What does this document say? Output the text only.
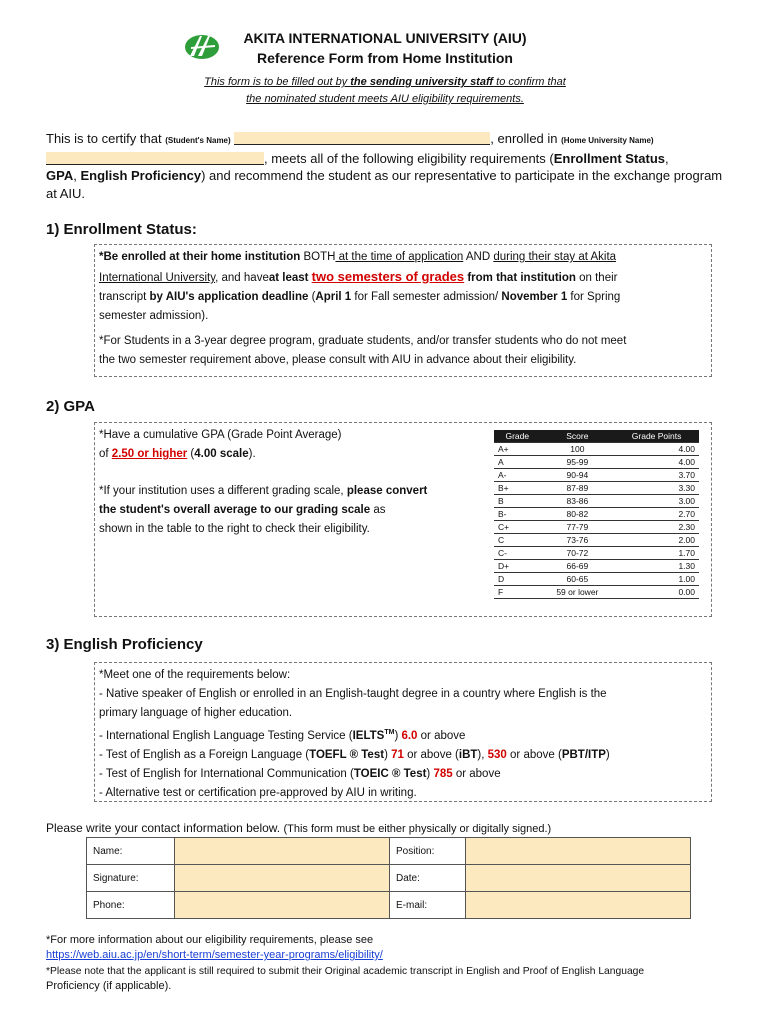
AKITA INTERNATIONAL UNIVERSITY (AIU)
Reference Form from Home Institution
This form is to be filled out by the sending university staff to confirm that
the nominated student meets AIU eligibility requirements.
This is to certify that (Student's Name)	, enrolled in (Home University Name)
, meets all of the following eligibility requirements (Enrollment Status,
GPA, English Proficiency) and recommend the student as our representative to participate in the exchange program at AIU.
1) Enrollment Status:
*Be enrolled at their home institution BOTH at the time of application AND during their stay at Akita
International University, and haveat least two semesters of grades from that institution on their
transcript by AIU's application deadline (April 1 for Fall semester admission/ November 1 for Spring
semester admission).
*For Students in a 3-year degree program, graduate students, and/or transfer students who do not meet
the two semester requirement above, please consult with AIU in advance about their eligibility.
2) GPA
*Have a cumulative GPA (Grade Point Average)
of 2.50 or higher (4.00 scale).
*If your institution uses a different grading scale, please convert
the student's overall average to our grading scale as
shown in the table to the right to check their eligibility.
Grade	Score	Grade Points
A+	100	4.00
A	95-99	4.00
A-	90-94	3.70
B+	87-89	3.30
B	83-86	3.00
B-	80-82	2.70
C+	77-79	2.30
C	73-76	2.00
C-	70-72	1.70
D+	66-69	1.30
D	60-65	1.00
F	59 or lower	0.00
3) English Proficiency
*Meet one of the requirements below:
- Native speaker of English or enrolled in an English-taught degree in a country where English is the
primary language of higher education.
- International English Language Testing Service (IELTS™) 6.0 or above
- Test of English as a Foreign Language (TOEFL ® Test) 71 or above (iBT), 530 or above (PBT/ITP)
- Test of English for International Communication (TOEIC ® Test) 785 or above
- Alternative test or certification pre-approved by AIU in writing.
Please write your contact information below. (This form must be either physically or digitally signed.)
Name:		Position:	
Signature:		Date:	
Phone:		E-mail:	
*For more information about our eligibility requirements, please see
https://web.aiu.ac.jp/en/short-term/semester-year-programs/eligibility/
*Please note that the applicant is still required to submit their Original academic transcript in English and Proof of English Language
Proficiency (if applicable).
